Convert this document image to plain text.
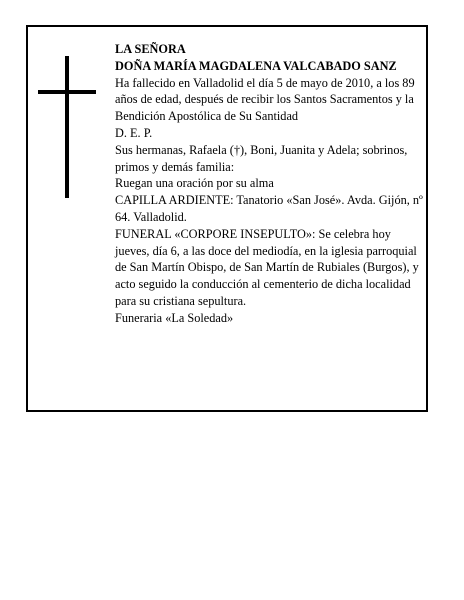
LA SEÑORA

DOÑA MARÍA MAGDALENA VALCABADO SANZ

Ha fallecido en Valladolid el día 5 de mayo de 2010, a los 89 años de edad, después de recibir los Santos Sacramentos y la Bendición Apostólica de Su Santidad

D. E. P.

Sus hermanas, Rafaela (†), Boni, Juanita y Adela; sobrinos, primos y demás familia:

Ruegan una oración por su alma

CAPILLA ARDIENTE: Tanatorio «San José». Avda. Gijón, nº 64. Valladolid.

FUNERAL «CORPORE INSEPULTO»: Se celebra hoy jueves, día 6, a las doce del mediodía, en la iglesia parroquial de San Martín Obispo, de San Martín de Rubiales (Burgos), y acto seguido la conducción al cementerio de dicha localidad para su cristiana sepultura.

Funeraria «La Soledad»
